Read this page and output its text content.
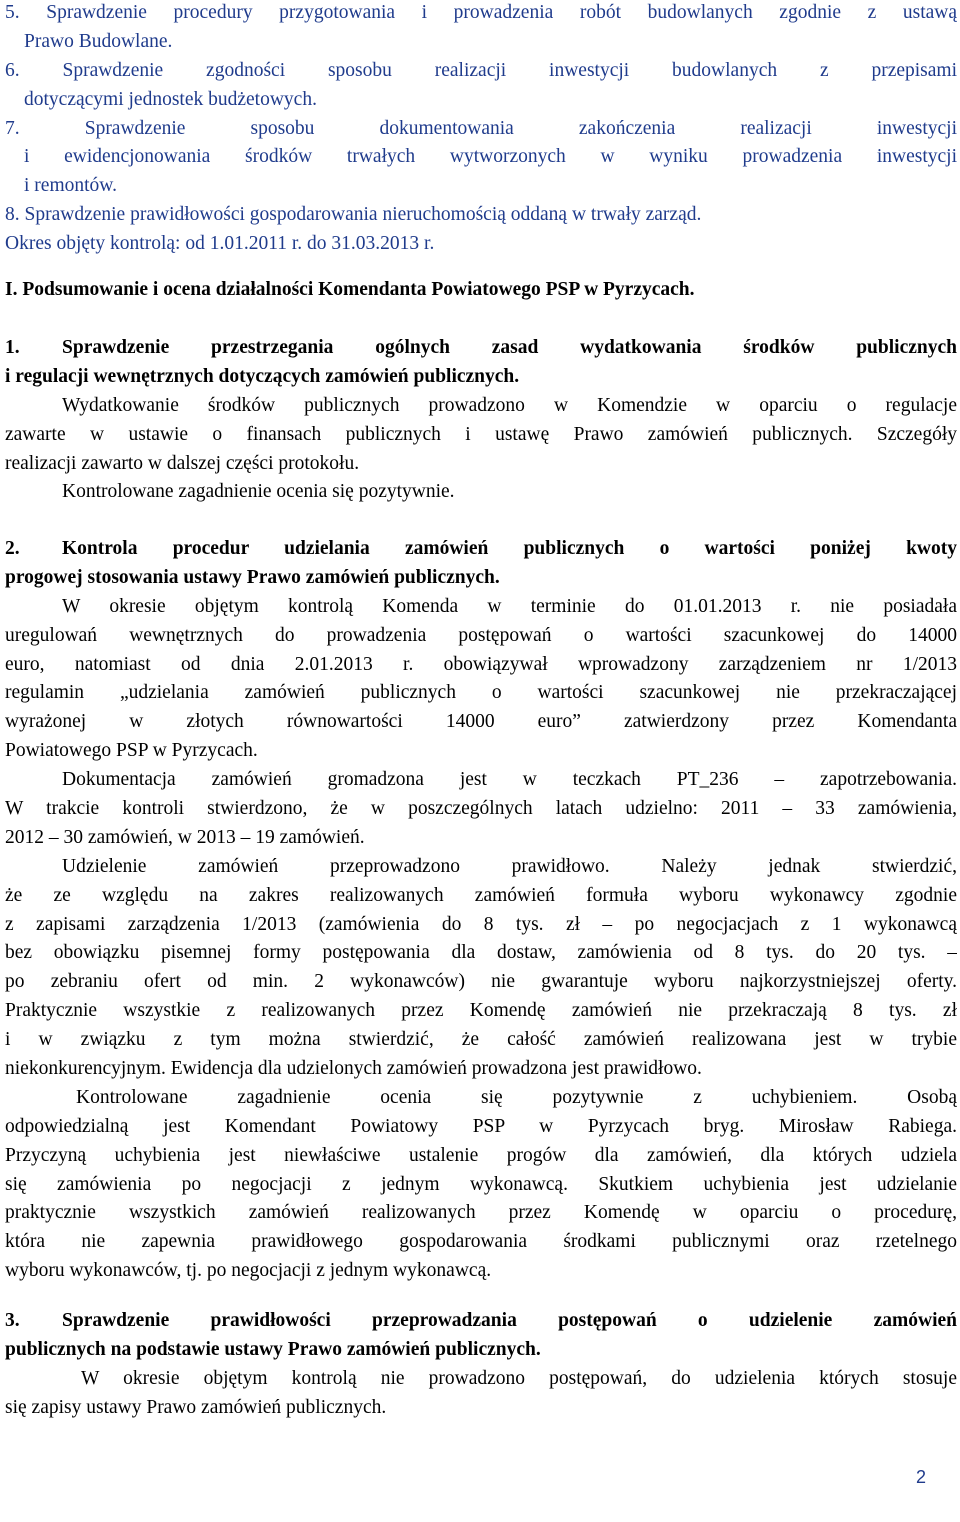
5. Sprawdzenie procedury przygotowania i prowadzenia robót budowlanych zgodnie z ustawą
Prawo Budowlane.
6. Sprawdzenie zgodności sposobu realizacji inwestycji budowlanych z przepisami
dotyczącymi jednostek budżetowych.
7.	Sprawdzenie sposobu dokumentowania zakończenia realizacji inwestycji
i ewidencjonowania środków trwałych wytworzonych w wyniku prowadzenia inwestycji
i remontów.
8. Sprawdzenie prawidłowości gospodarowania nieruchomością oddaną w trwały zarząd.
Okres objęty kontrolą: od 1.01.2011 r. do 31.03.2013 r.
I. Podsumowanie i ocena działalności Komendanta Powiatowego PSP w Pyrzycach.
1. Sprawdzenie przestrzegania ogólnych zasad wydatkowania środków publicznych
i regulacji wewnętrznych dotyczących zamówień publicznych.
Wydatkowanie środków publicznych prowadzono w Komendzie w oparciu o regulacje
zawarte w ustawie o finansach publicznych i ustawę Prawo zamówień publicznych. Szczegóły
realizacji zawarto w dalszej części protokołu.
Kontrolowane zagadnienie ocenia się pozytywnie.
2. Kontrola procedur udzielania zamówień publicznych o wartości poniżej kwoty
progowej stosowania ustawy Prawo zamówień publicznych.
W okresie objętym kontrolą Komenda w terminie do 01.01.2013 r. nie posiadała
uregulowań wewnętrznych do prowadzenia postępowań o wartości szacunkowej do 14000
euro, natomiast od dnia 2.01.2013 r. obowiązywał wprowadzony zarządzeniem nr 1/2013
regulamin „udzielania zamówień publicznych o wartości szacunkowej nie przekraczającej
wyrażonej w złotych równowartości 14000 euro” zatwierdzony przez Komendanta
Powiatowego PSP w Pyrzycach.
Dokumentacja zamówień gromadzona jest w teczkach PT_236 – zapotrzebowania.
W trakcie kontroli stwierdzono, że w poszczególnych latach udzielno: 2011 – 33 zamówienia,
2012 – 30 zamówień, w 2013 – 19 zamówień.
Udzielenie zamówień przeprowadzono prawidłowo. Należy jednak stwierdzić,
że ze względu na zakres realizowanych zamówień formuła wyboru wykonawcy zgodnie
z zapisami zarządzenia 1/2013 (zamówienia do 8 tys. zł – po negocjacjach z 1 wykonawcą
bez obowiązku pisemnej formy postępowania dla dostaw, zamówienia od 8 tys. do 20 tys. –
po zebraniu ofert od min. 2 wykonawców) nie gwarantuje wyboru najkorzystniejszej oferty.
Praktycznie wszystkie z realizowanych przez Komendę zamówień nie przekraczają 8 tys. zł
i w związku z tym można stwierdzić, że całość zamówień realizowana jest w trybie
niekonkurencyjnym. Ewidencja dla udzielonych zamówień prowadzona jest prawidłowo.
Kontrolowane zagadnienie ocenia się pozytywnie z uchybieniem. Osobą
odpowiedzialną jest Komendant Powiatowy PSP w Pyrzycach bryg. Mirosław Rabiega.
Przyczyną uchybienia jest niewłaściwe ustalenie progów dla zamówień, dla których udziela
się zamówienia po negocjacji z jednym wykonawcą. Skutkiem uchybienia jest udzielanie
praktycznie wszystkich zamówień realizowanych przez Komendę w oparciu o procedurę,
która nie zapewnia prawidłowego gospodarowania środkami publicznymi oraz rzetelnego
wyboru wykonawców, tj. po negocjacji z jednym wykonawcą.
3. Sprawdzenie prawidłowości przeprowadzania postępowań o udzielenie zamówień
publicznych na podstawie ustawy Prawo zamówień publicznych.
W okresie objętym kontrolą nie prowadzono postępowań, do udzielenia których stosuje
się zapisy ustawy Prawo zamówień publicznych.
2
